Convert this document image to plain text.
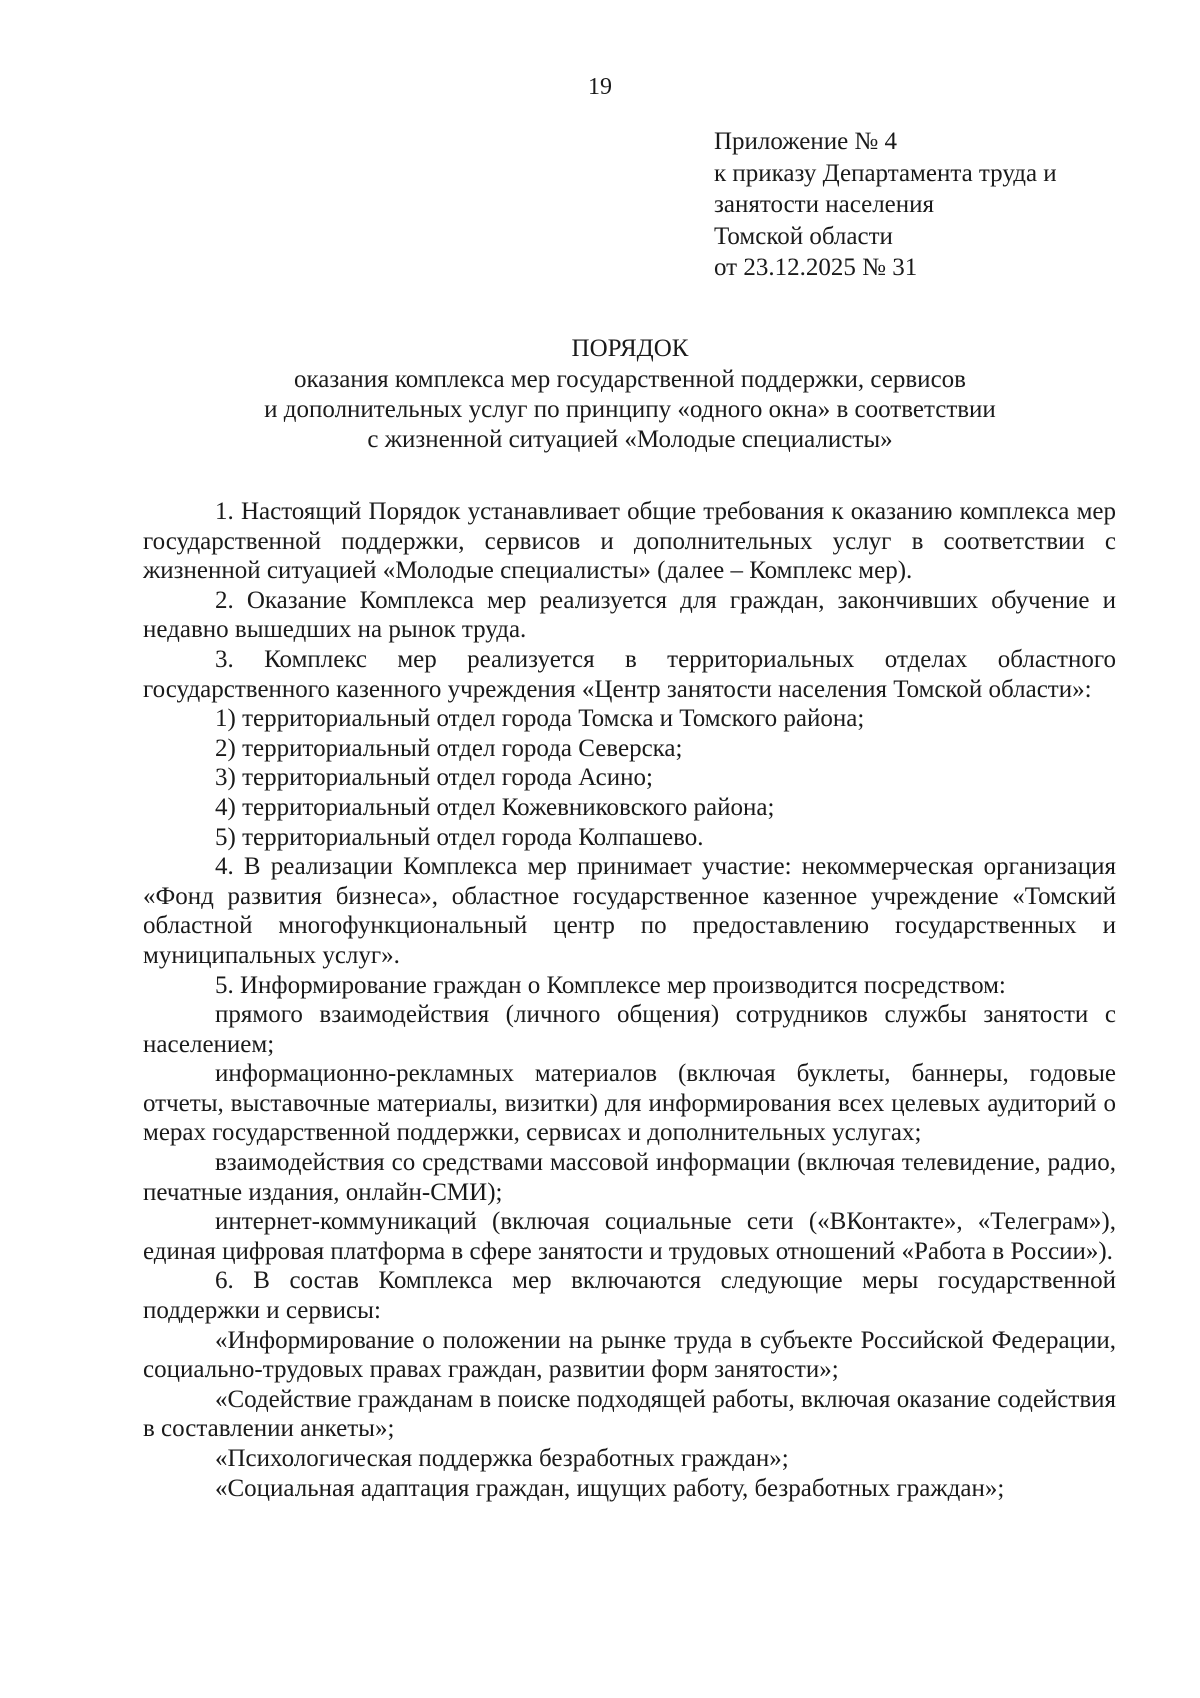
19
Приложение № 4
к приказу Департамента труда и
занятости населения
Томской области
от 23.12.2025 № 31
ПОРЯДОК
оказания комплекса мер государственной поддержки, сервисов
и дополнительных услуг по принципу «одного окна» в соответствии
с жизненной ситуацией «Молодые специалисты»

1. Настоящий Порядок устанавливает общие требования к оказанию комплекса мер государственной поддержки, сервисов и дополнительных услуг в соответствии с жизненной ситуацией «Молодые специалисты» (далее – Комплекс мер).

2. Оказание Комплекса мер реализуется для граждан, закончивших обучение и недавно вышедших на рынок труда.

3. Комплекс мер реализуется в территориальных отделах областного государственного казенного учреждения «Центр занятости населения Томской области»:

1) территориальный отдел города Томска и Томского района;

2) территориальный отдел города Северска;

3) территориальный отдел города Асино;

4) территориальный отдел Кожевниковского района;

5) территориальный отдел города Колпашево.

4. В реализации Комплекса мер принимает участие: некоммерческая организация «Фонд развития бизнеса», областное государственное казенное учреждение «Томский областной многофункциональный центр по предоставлению государственных и муниципальных услуг».

5. Информирование граждан о Комплексе мер производится посредством:

прямого взаимодействия (личного общения) сотрудников службы занятости с населением;

информационно-рекламных материалов (включая буклеты, баннеры, годовые отчеты, выставочные материалы, визитки) для информирования всех целевых аудиторий о мерах государственной поддержки, сервисах и дополнительных услугах;

взаимодействия со средствами массовой информации (включая телевидение, радио, печатные издания, онлайн-СМИ);

интернет-коммуникаций (включая социальные сети («ВКонтакте», «Телеграм»), единая цифровая платформа в сфере занятости и трудовых отношений «Работа в России»).

6. В состав Комплекса мер включаются следующие меры государственной поддержки и сервисы:

«Информирование о положении на рынке труда в субъекте Российской Федерации, социально-трудовых правах граждан, развитии форм занятости»;

«Содействие гражданам в поиске подходящей работы, включая оказание содействия в составлении анкеты»;

«Психологическая поддержка безработных граждан»;

«Социальная адаптация граждан, ищущих работу, безработных граждан»;
